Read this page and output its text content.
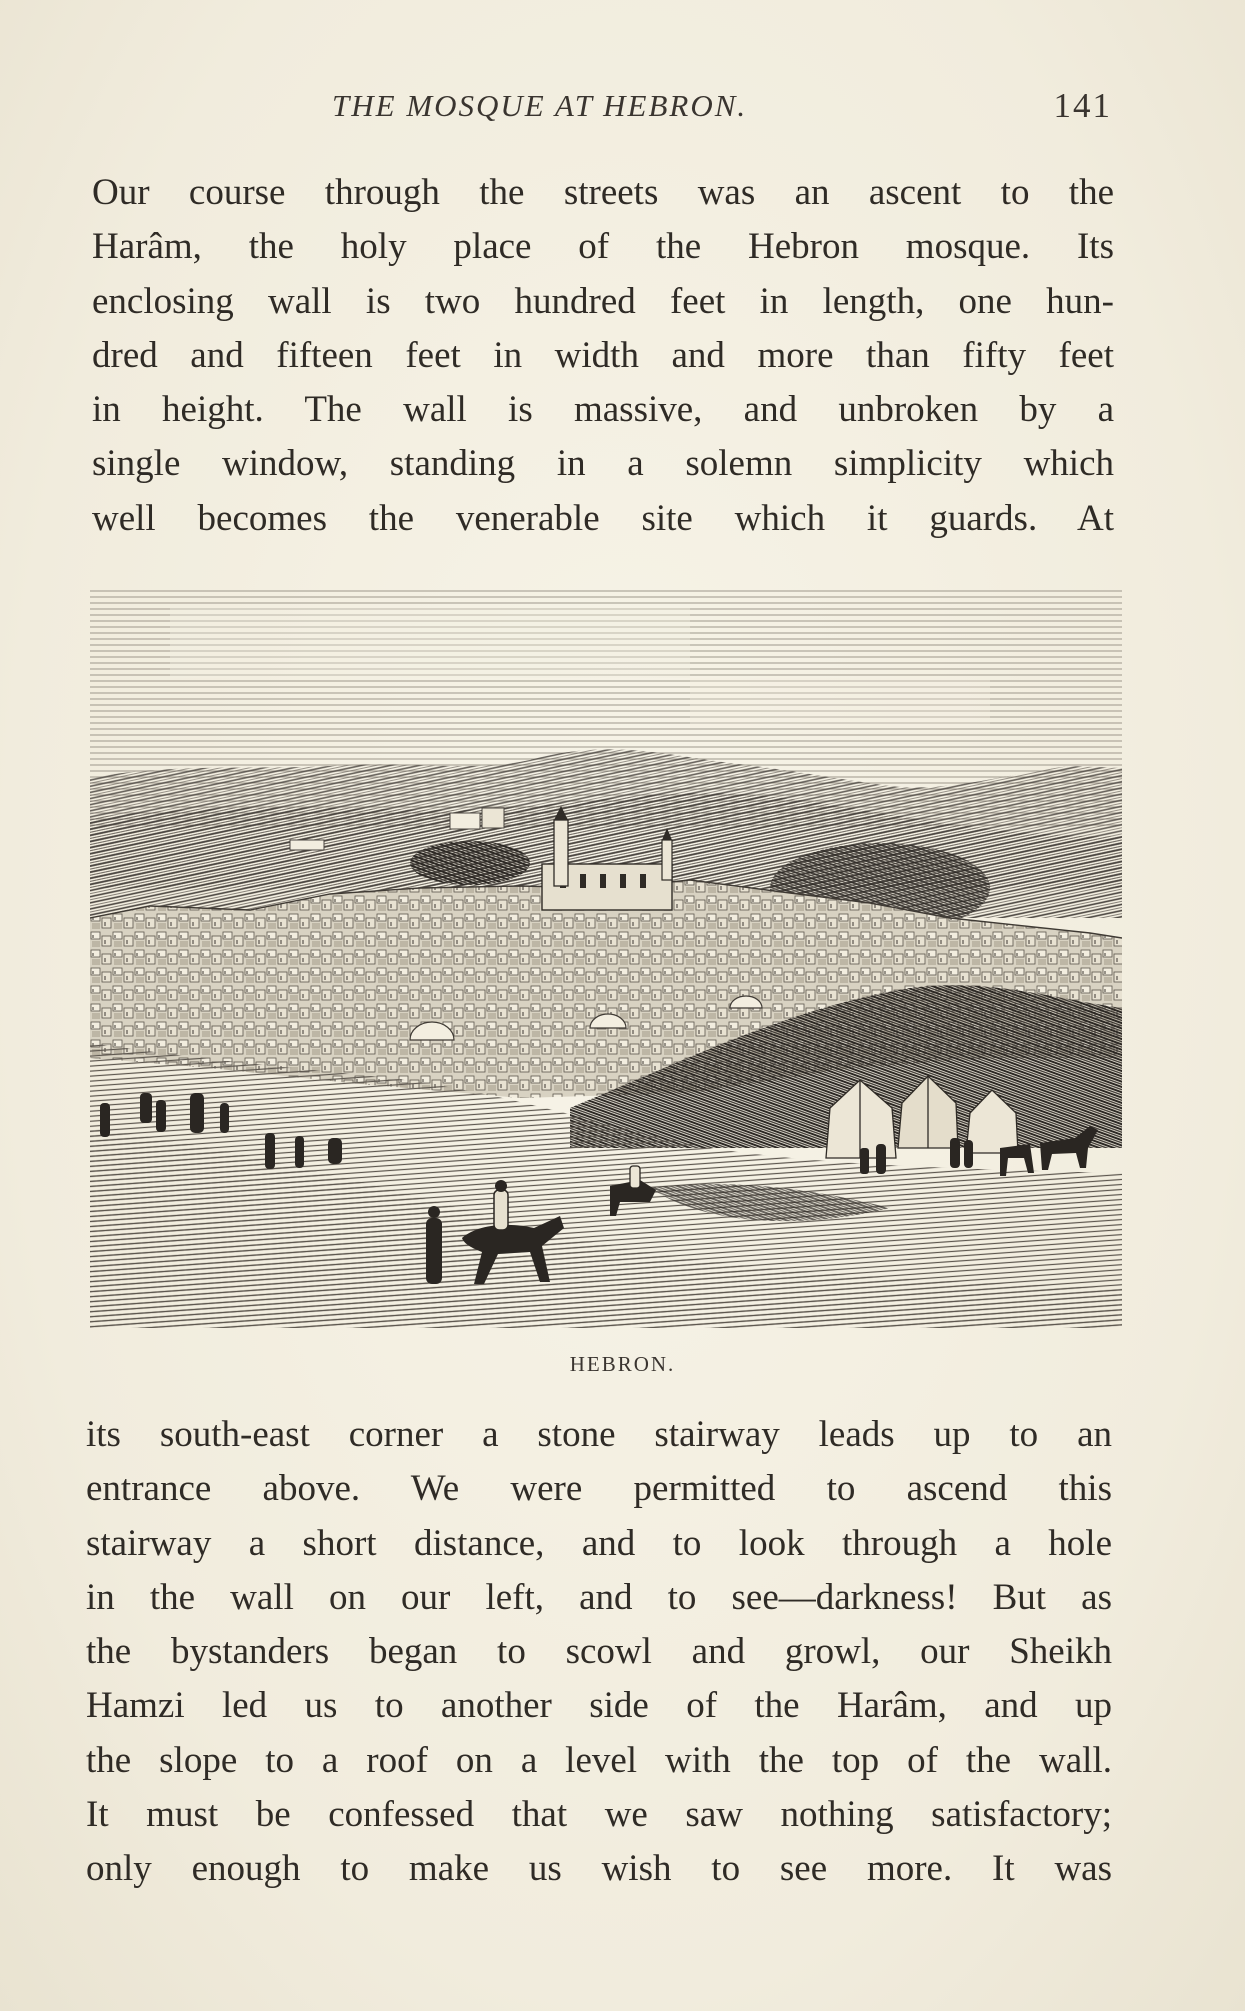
THE MOSQUE AT HEBRON.	141
Our course through the streets was an ascent to the
Harâm, the holy place of the Hebron mosque. Its
enclosing wall is two hundred feet in length, one hun-
dred and fifteen feet in width and more than fifty feet
in height. The wall is massive, and unbroken by a
single window, standing in a solemn simplicity which
well becomes the venerable site which it guards. At
HEBRON.
its south-east corner a stone stairway leads up to an
entrance above. We were permitted to ascend this
stairway a short distance, and to look through a hole
in the wall on our left, and to see—darkness! But as
the bystanders began to scowl and growl, our Sheikh
Hamzi led us to another side of the Harâm, and up
the slope to a roof on a level with the top of the wall.
It must be confessed that we saw nothing satisfactory;
only enough to make us wish to see more. It was
